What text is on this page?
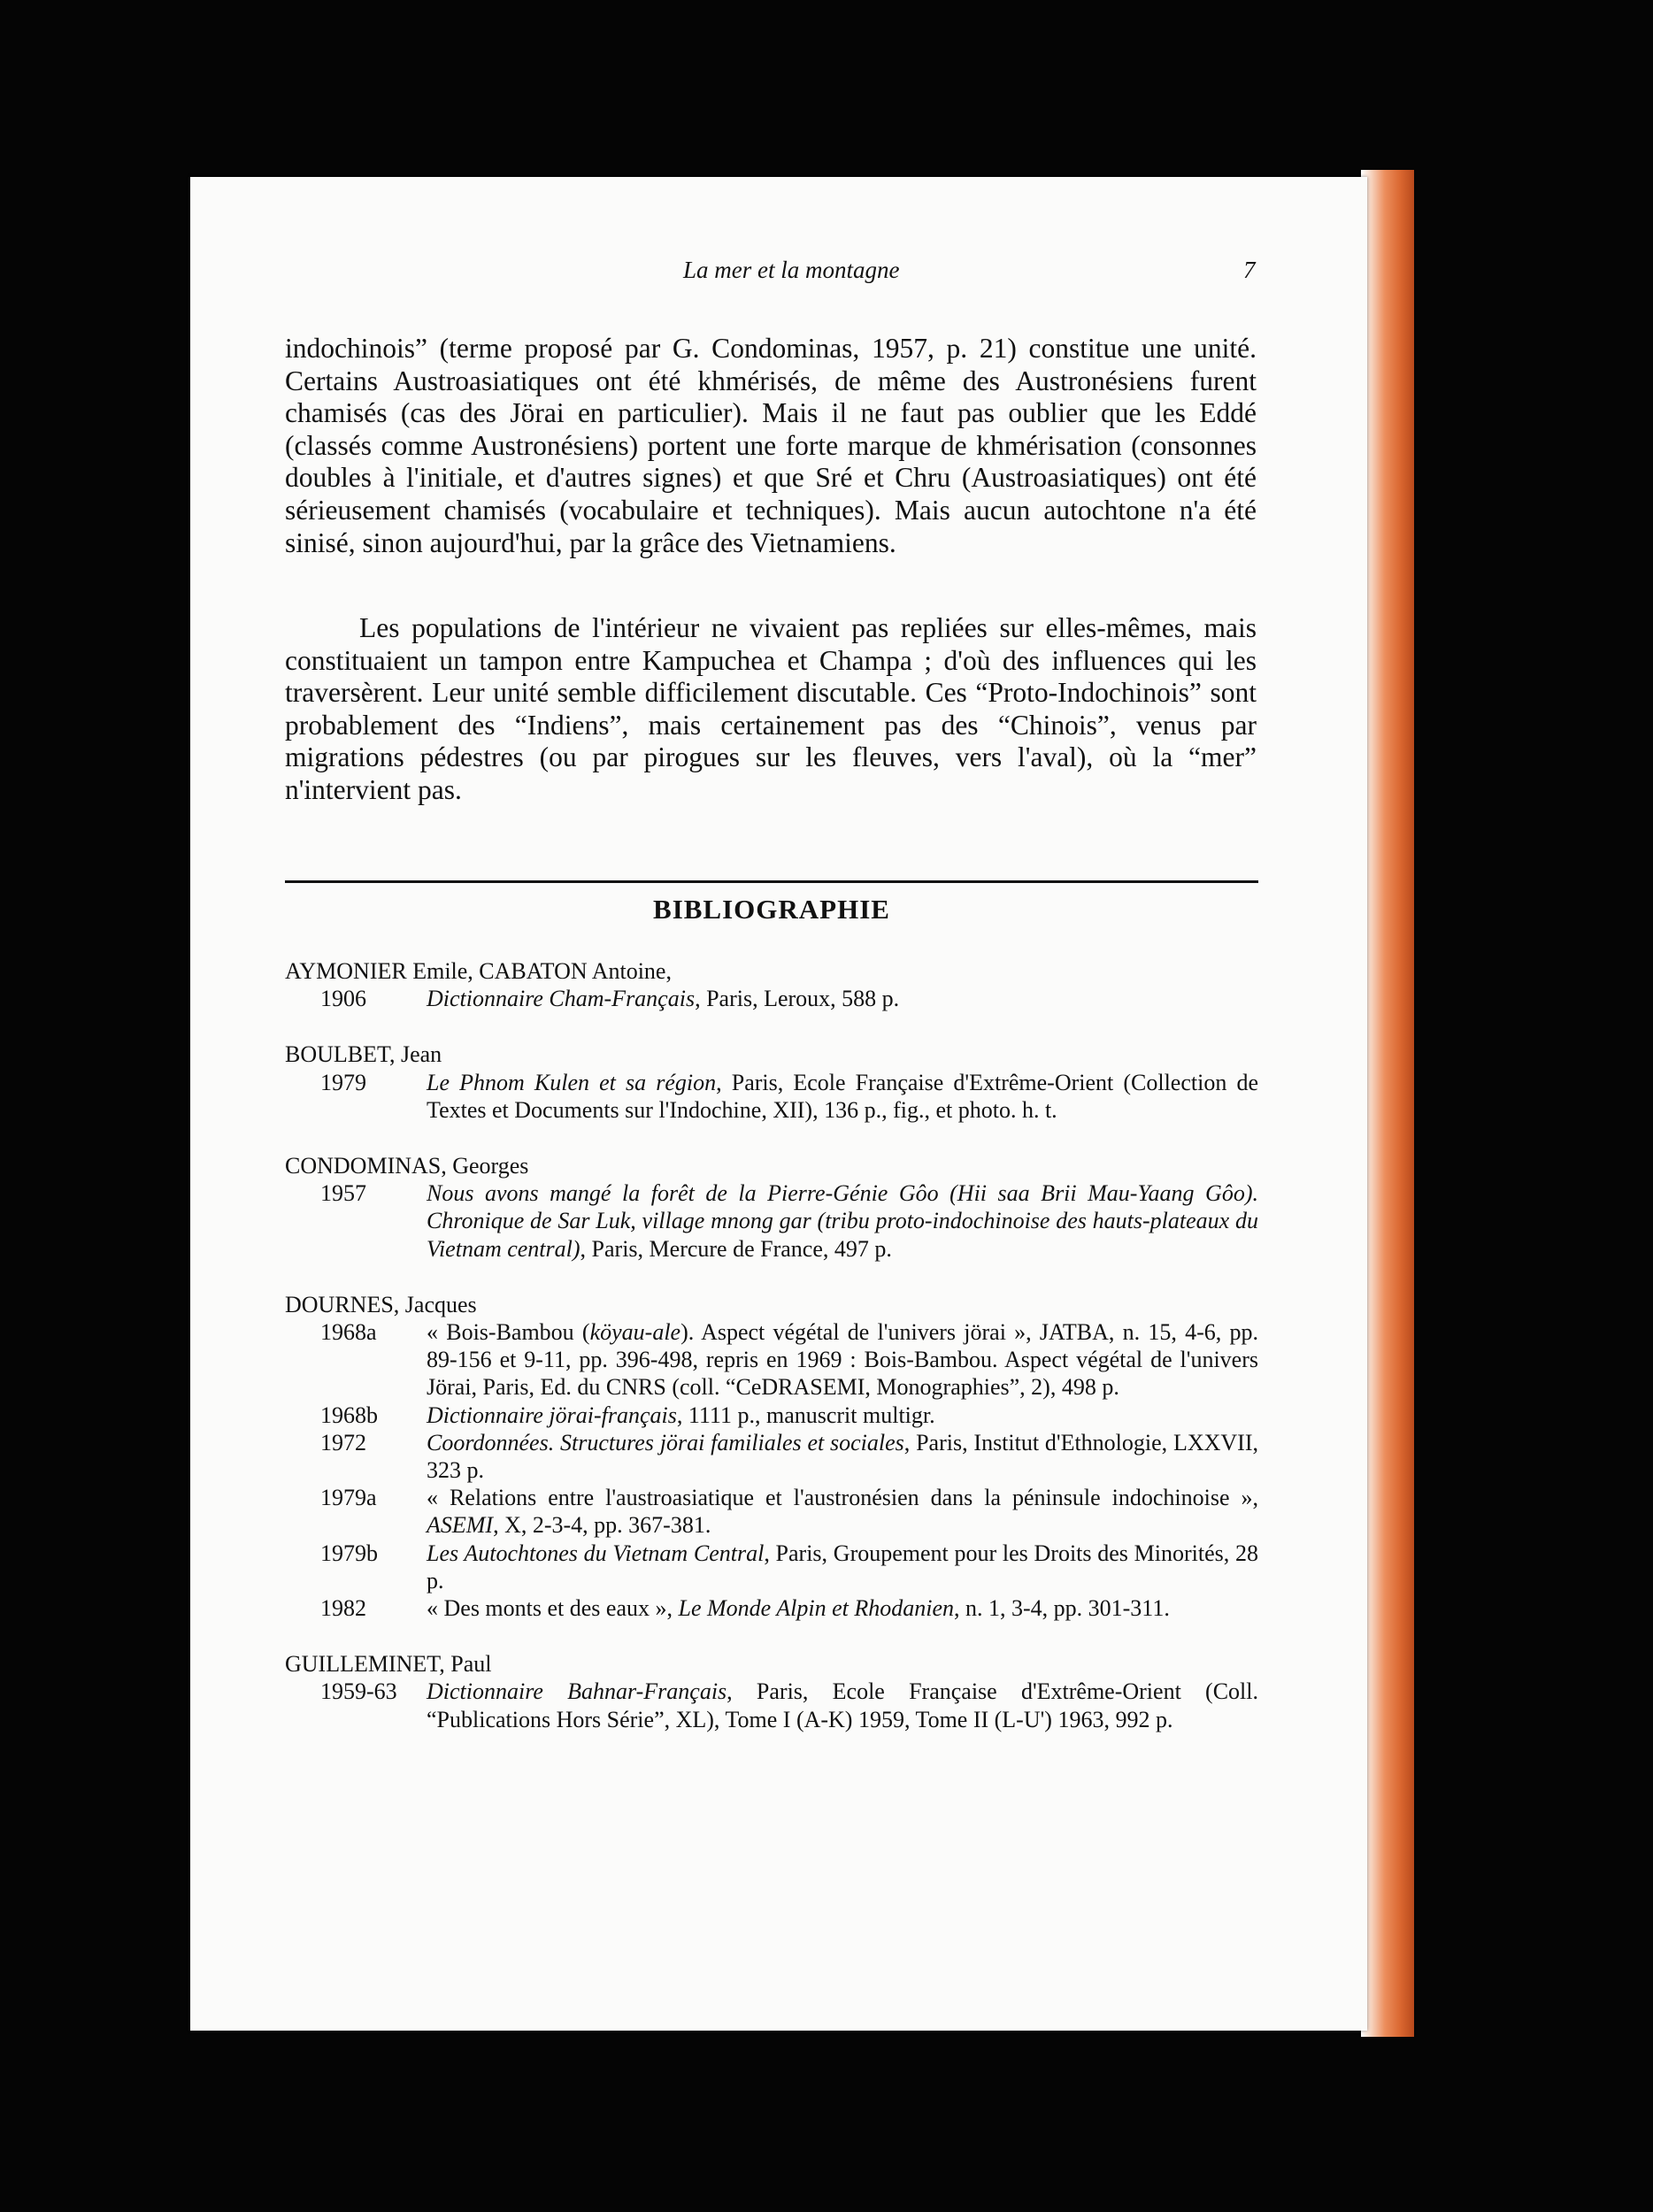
La mer et la montagne	7

indochinois” (terme proposé par G. Condominas, 1957, p. 21) constitue une unité. Certains Austroasiatiques ont été khmérisés, de même des Austronésiens furent chamisés (cas des Jörai en particulier). Mais il ne faut pas oublier que les Eddé (classés comme Austronésiens) portent une forte marque de khmérisation (consonnes doubles à l'initiale, et d'autres signes) et que Sré et Chru (Austroasiatiques) ont été sérieusement chamisés (vocabulaire et techniques). Mais aucun autochtone n'a été sinisé, sinon aujourd'hui, par la grâce des Vietnamiens.

Les populations de l'intérieur ne vivaient pas repliées sur elles-mêmes, mais constituaient un tampon entre Kampuchea et Champa ; d'où des influences qui les traversèrent. Leur unité semble difficilement discutable. Ces “Proto-Indochinois” sont probablement des “Indiens”, mais certainement pas des “Chinois”, venus par migrations pédestres (ou par pirogues sur les fleuves, vers l'aval), où la “mer” n'intervient pas.

BIBLIOGRAPHIE

AYMONIER Emile, CABATON Antoine,

1906	Dictionnaire Cham-Français, Paris, Leroux, 588 p.

BOULBET, Jean

1979	Le Phnom Kulen et sa région, Paris, Ecole Française d'Extrême-Orient (Collection de Textes et Documents sur l'Indochine, XII), 136 p., fig., et photo. h. t.

CONDOMINAS, Georges

1957	Nous avons mangé la forêt de la Pierre-Génie Gôo (Hii saa Brii Mau-Yaang Gôo). Chronique de Sar Luk, village mnong gar (tribu proto-indochinoise des hauts-plateaux du Vietnam central), Paris, Mercure de France, 497 p.

DOURNES, Jacques

1968a	« Bois-Bambou (köyau-ale). Aspect végétal de l'univers jörai », JATBA, n. 15, 4-6, pp. 89-156 et 9-11, pp. 396-498, repris en 1969 : Bois-Bambou. Aspect végétal de l'univers Jörai, Paris, Ed. du CNRS (coll. “CeDRASEMI, Monographies”, 2), 498 p.
1968b	Dictionnaire jörai-français, 1111 p., manuscrit multigr.
1972	Coordonnées. Structures jörai familiales et sociales, Paris, Institut d'Ethnologie, LXXVII, 323 p.
1979a	« Relations entre l'austroasiatique et l'austronésien dans la péninsule indochinoise », ASEMI, X, 2-3-4, pp. 367-381.
1979b	Les Autochtones du Vietnam Central, Paris, Groupement pour les Droits des Minorités, 28 p.
1982	« Des monts et des eaux », Le Monde Alpin et Rhodanien, n. 1, 3-4, pp. 301-311.

GUILLEMINET, Paul

1959-63	Dictionnaire Bahnar-Français, Paris, Ecole Française d'Extrême-Orient (Coll. “Publications Hors Série”, XL), Tome I (A-K) 1959, Tome II (L-U') 1963, 992 p.
